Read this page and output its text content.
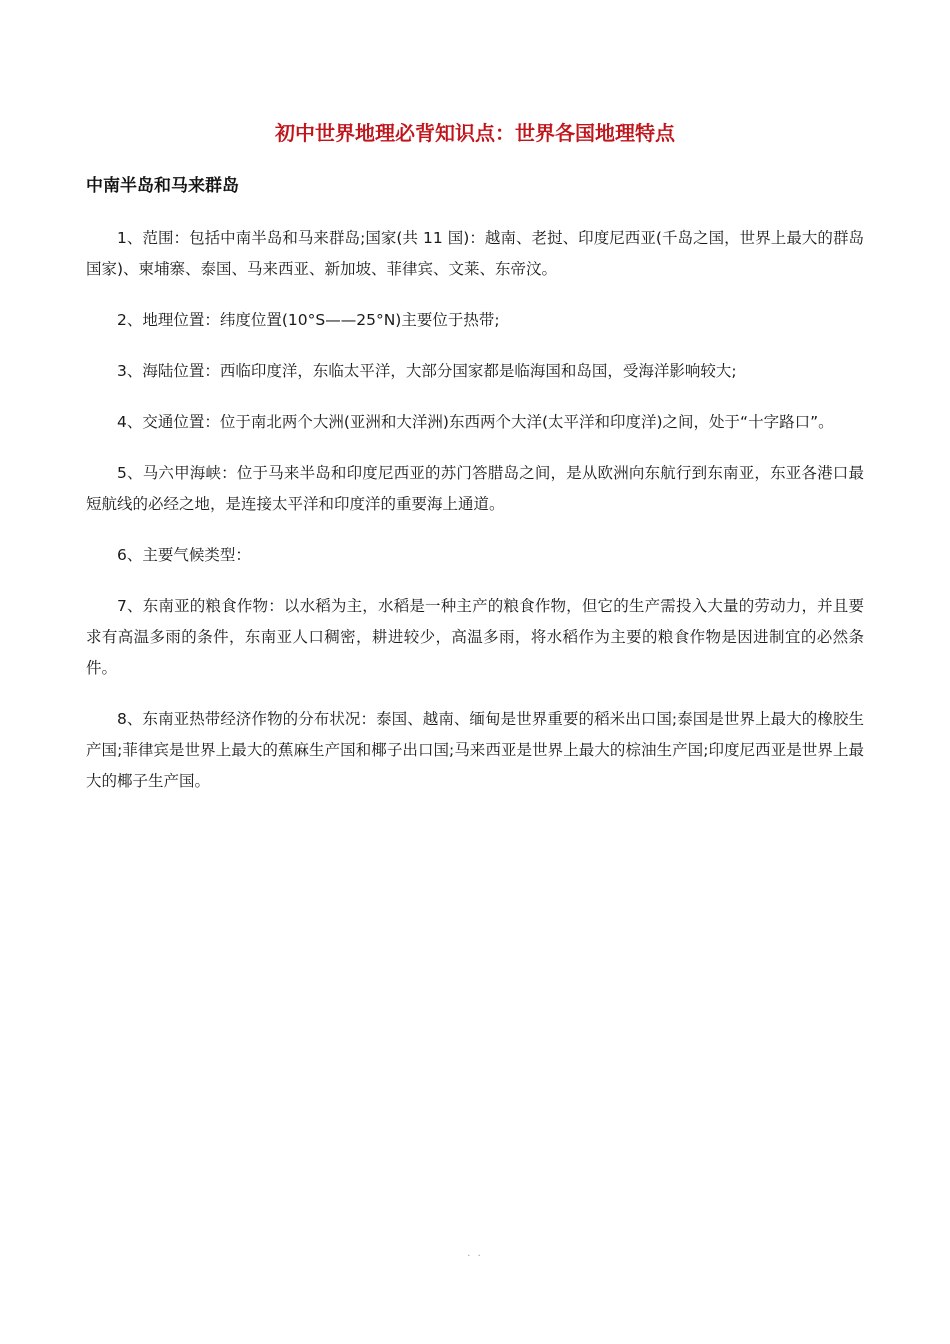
初中世界地理必背知识点：世界各国地理特点
中南半岛和马来群岛

1、范围：包括中南半岛和马来群岛;国家(共 11 国)：越南、老挝、印度尼西亚(千岛之国，世界上最大的群岛国家)、柬埔寨、泰国、马来西亚、新加坡、菲律宾、文莱、东帝汶。

2、地理位置：纬度位置(10°S——25°N)主要位于热带;

3、海陆位置：西临印度洋，东临太平洋，大部分国家都是临海国和岛国，受海洋影响较大;

4、交通位置：位于南北两个大洲(亚洲和大洋洲)东西两个大洋(太平洋和印度洋)之间，处于“十字路口”。

5、马六甲海峡：位于马来半岛和印度尼西亚的苏门答腊岛之间，是从欧洲向东航行到东南亚，东亚各港口最短航线的必经之地，是连接太平洋和印度洋的重要海上通道。

6、主要气候类型：

7、东南亚的粮食作物：以水稻为主，水稻是一种主产的粮食作物，但它的生产需投入大量的劳动力，并且要求有高温多雨的条件，东南亚人口稠密，耕进较少，高温多雨，将水稻作为主要的粮食作物是因进制宜的必然条件。

8、东南亚热带经济作物的分布状况：泰国、越南、缅甸是世界重要的稻米出口国;泰国是世界上最大的橡胶生产国;菲律宾是世界上最大的蕉麻生产国和椰子出口国;马来西亚是世界上最大的棕油生产国;印度尼西亚是世界上最大的椰子生产国。

. .
